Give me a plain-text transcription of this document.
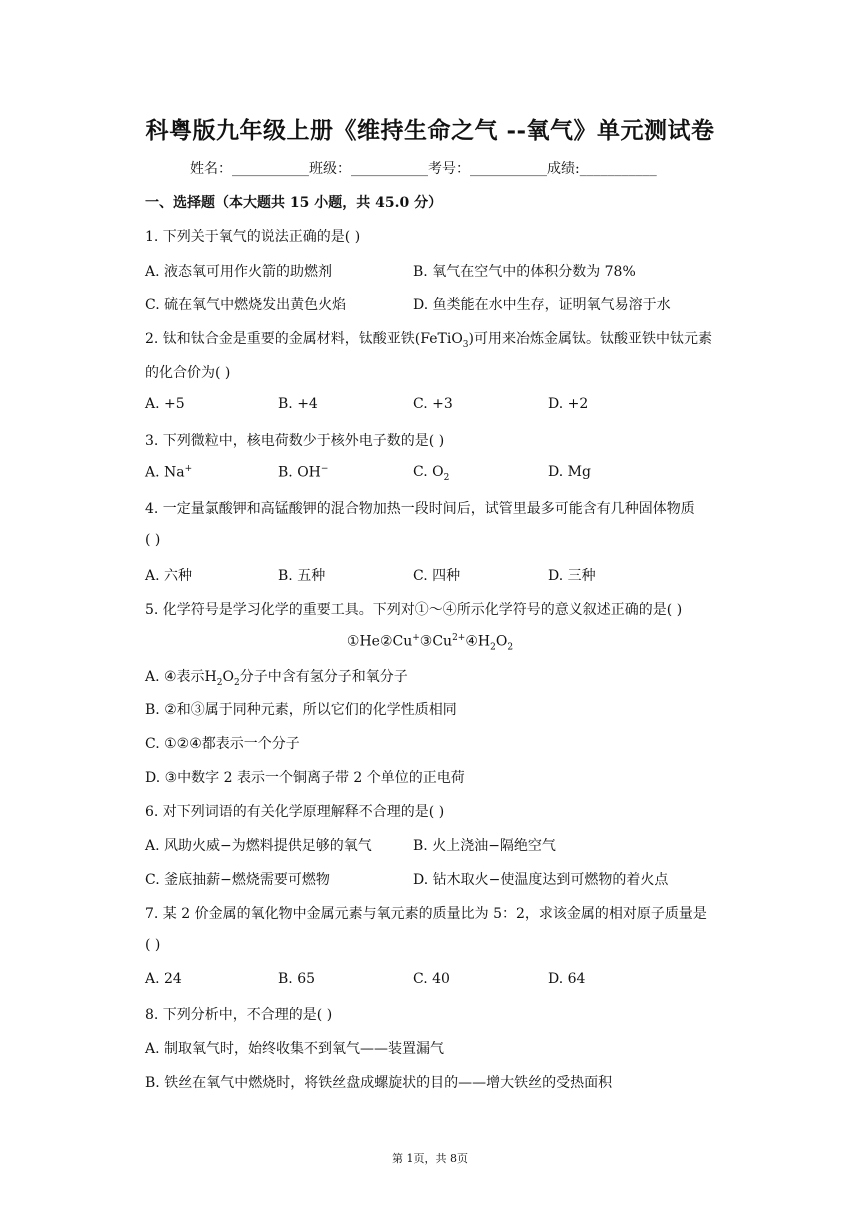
科粤版九年级上册《维持生命之气 --氧气》单元测试卷
姓名：___________班级：___________考号：___________成绩:___________
一、选择题（本大题共 15 小题，共 45.0 分）
1. 下列关于氧气的说法正确的是( )
A. 液态氧可用作火箭的助燃剂	B. 氧气在空气中的体积分数为 78%
C. 硫在氧气中燃烧发出黄色火焰	D. 鱼类能在水中生存，证明氧气易溶于水
2. 钛和钛合金是重要的金属材料，钛酸亚铁(FeTiO$_3$)可用来冶炼金属钛。钛酸亚铁中钛元素
的化合价为( )
A. +5	B. +4	C. +3	D. +2
3. 下列微粒中，核电荷数少于核外电子数的是( )
A. Na+	B. OH−	C. $O_2$	D. Mg
4. 一定量氯酸钾和高锰酸钾的混合物加热一段时间后，试管里最多可能含有几种固体物质
( )
A. 六种	B. 五种	C. 四种	D. 三种
5. 化学符号是学习化学的重要工具。下列对①～④所示化学符号的意义叙述正确的是( )
$①He②Cu^+③Cu^{2+}④H_2O_2$
A. ④表示$H_2O_2$分子中含有氢分子和氧分子
B. ②和③属于同种元素，所以它们的化学性质相同
C. ①②④都表示一个分子
D. ③中数字 2 表示一个铜离子带 2 个单位的正电荷
6. 对下列词语的有关化学原理解释不合理的是( )
A. 风助火威−为燃料提供足够的氧气	B. 火上浇油−隔绝空气
C. 釜底抽薪−燃烧需要可燃物	D. 钻木取火−使温度达到可燃物的着火点
7. 某 2 价金属的氧化物中金属元素与氧元素的质量比为 5：2，求该金属的相对原子质量是
( )
A. 24	B. 65	C. 40	D. 64
8. 下列分析中，不合理的是( )
A. 制取氧气时，始终收集不到氧气——装置漏气
B. 铁丝在氧气中燃烧时，将铁丝盘成螺旋状的目的——增大铁丝的受热面积
第 1页，共 8页
